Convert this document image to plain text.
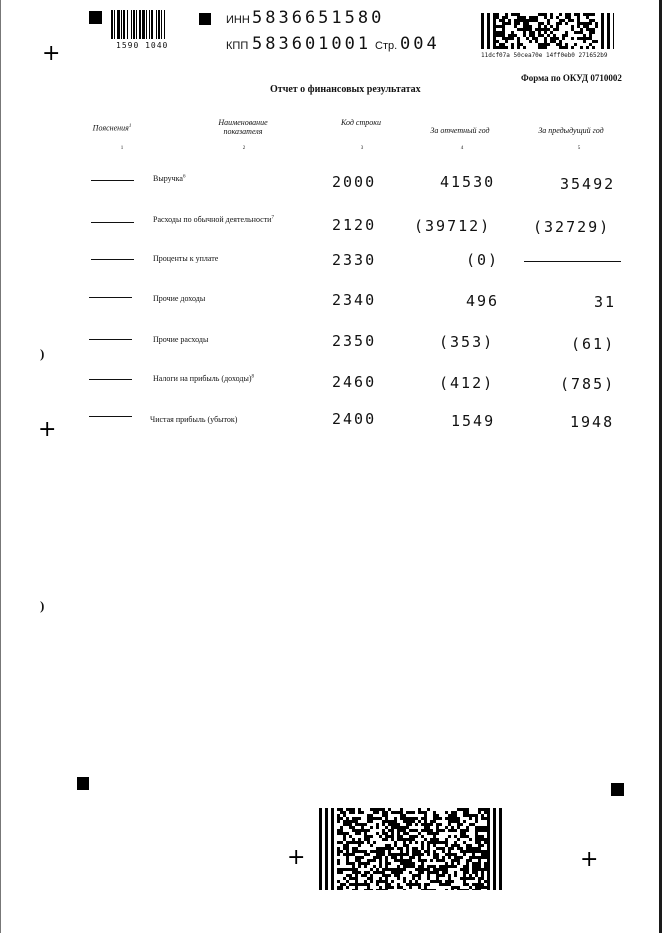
+	1590 1040
ИНН 5836651580
КПП 583601001 Стр. 004
11dcf07a 50cea70e 14ff0eb0 271652b9
Форма по ОКУД 0710002
Отчет о финансовых результатах
Пояснения$^1$	Наименование показателя
Код строки
За отчетный год	За предыдущий год
1	2	3	4	5
Выручка$^6$	2000	41530	35492
Расходы по обычной деятельности$^7$	2120	(39712)	(32729)
Проценты к уплате	2330	(0)
Прочие доходы	2340	496	31
Прочие расходы	2350	(353)	(61)
Налоги на прибыль (доходы)$^8$	2460	(412)	(785)
Чистая прибыль (убыток)	2400	1549	1948
)
+
)
+	+
